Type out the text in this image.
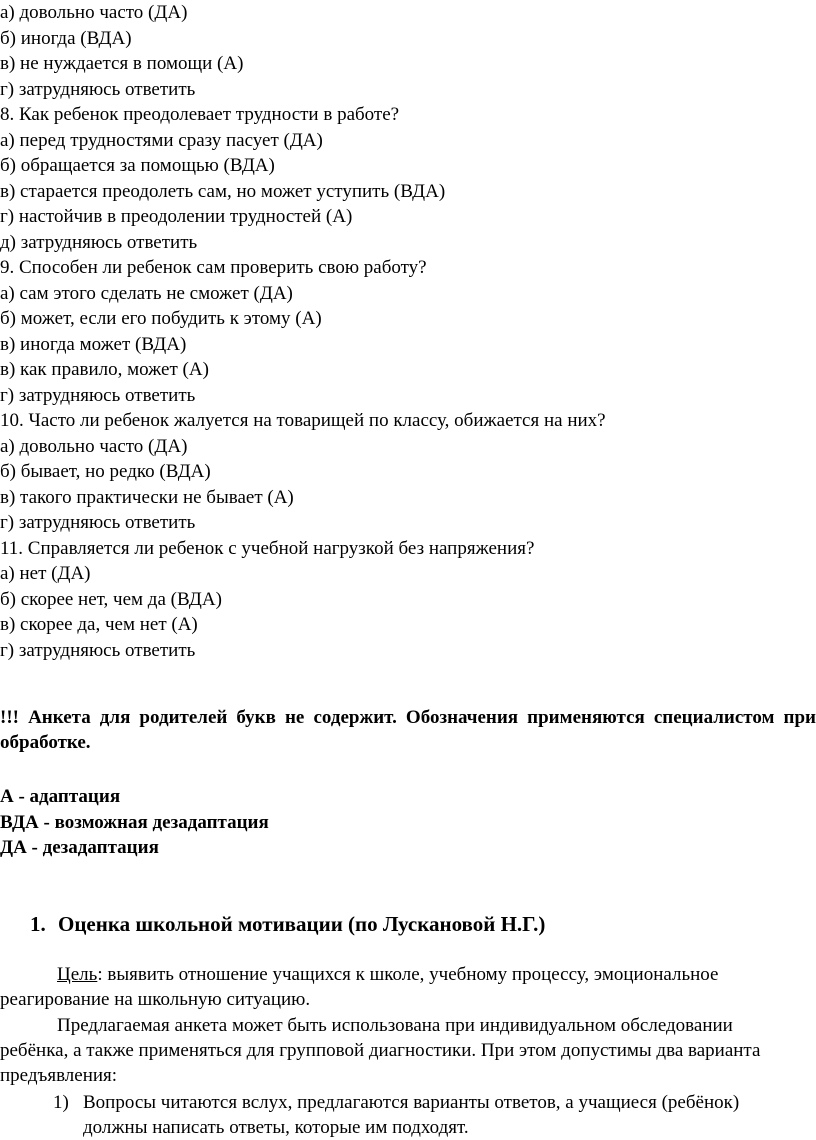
а) довольно часто (ДА)
б) иногда (ВДА)
в) не нуждается в помощи (А)
г) затрудняюсь ответить
8. Как ребенок преодолевает трудности в работе?
а) перед трудностями сразу пасует (ДА)
б) обращается за помощью (ВДА)
в) старается преодолеть сам, но может уступить (ВДА)
г) настойчив в преодолении трудностей (А)
д) затрудняюсь ответить
9. Способен ли ребенок сам проверить свою работу?
а) сам этого сделать не сможет (ДА)
б) может, если его побудить к этому (А)
в) иногда может (ВДА)
в) как правило, может (А)
г) затрудняюсь ответить
10. Часто ли ребенок жалуется на товарищей по классу, обижается на них?
а) довольно часто (ДА)
б) бывает, но редко (ВДА)
в) такого практически не бывает (А)
г) затрудняюсь ответить
11. Справляется ли ребенок с учебной нагрузкой без напряжения?
а) нет (ДА)
б) скорее нет, чем да (ВДА)
в) скорее да, чем нет (А)
г) затрудняюсь ответить
!!! Анкета для родителей букв не содержит. Обозначения применяются специалистом при обработке.
А - адаптация
ВДА - возможная дезадаптация
ДА - дезадаптация
1. Оценка школьной мотивации (по Лускановой Н.Г.)
Цель: выявить отношение учащихся к школе, учебному процессу, эмоциональное реагирование на школьную ситуацию.
Предлагаемая анкета может быть использована при индивидуальном обследовании ребёнка, а также применяться для групповой диагностики. При этом допустимы два варианта предъявления:
1) Вопросы читаются вслух, предлагаются варианты ответов, а учащиеся (ребёнок) должны написать ответы, которые им подходят.
